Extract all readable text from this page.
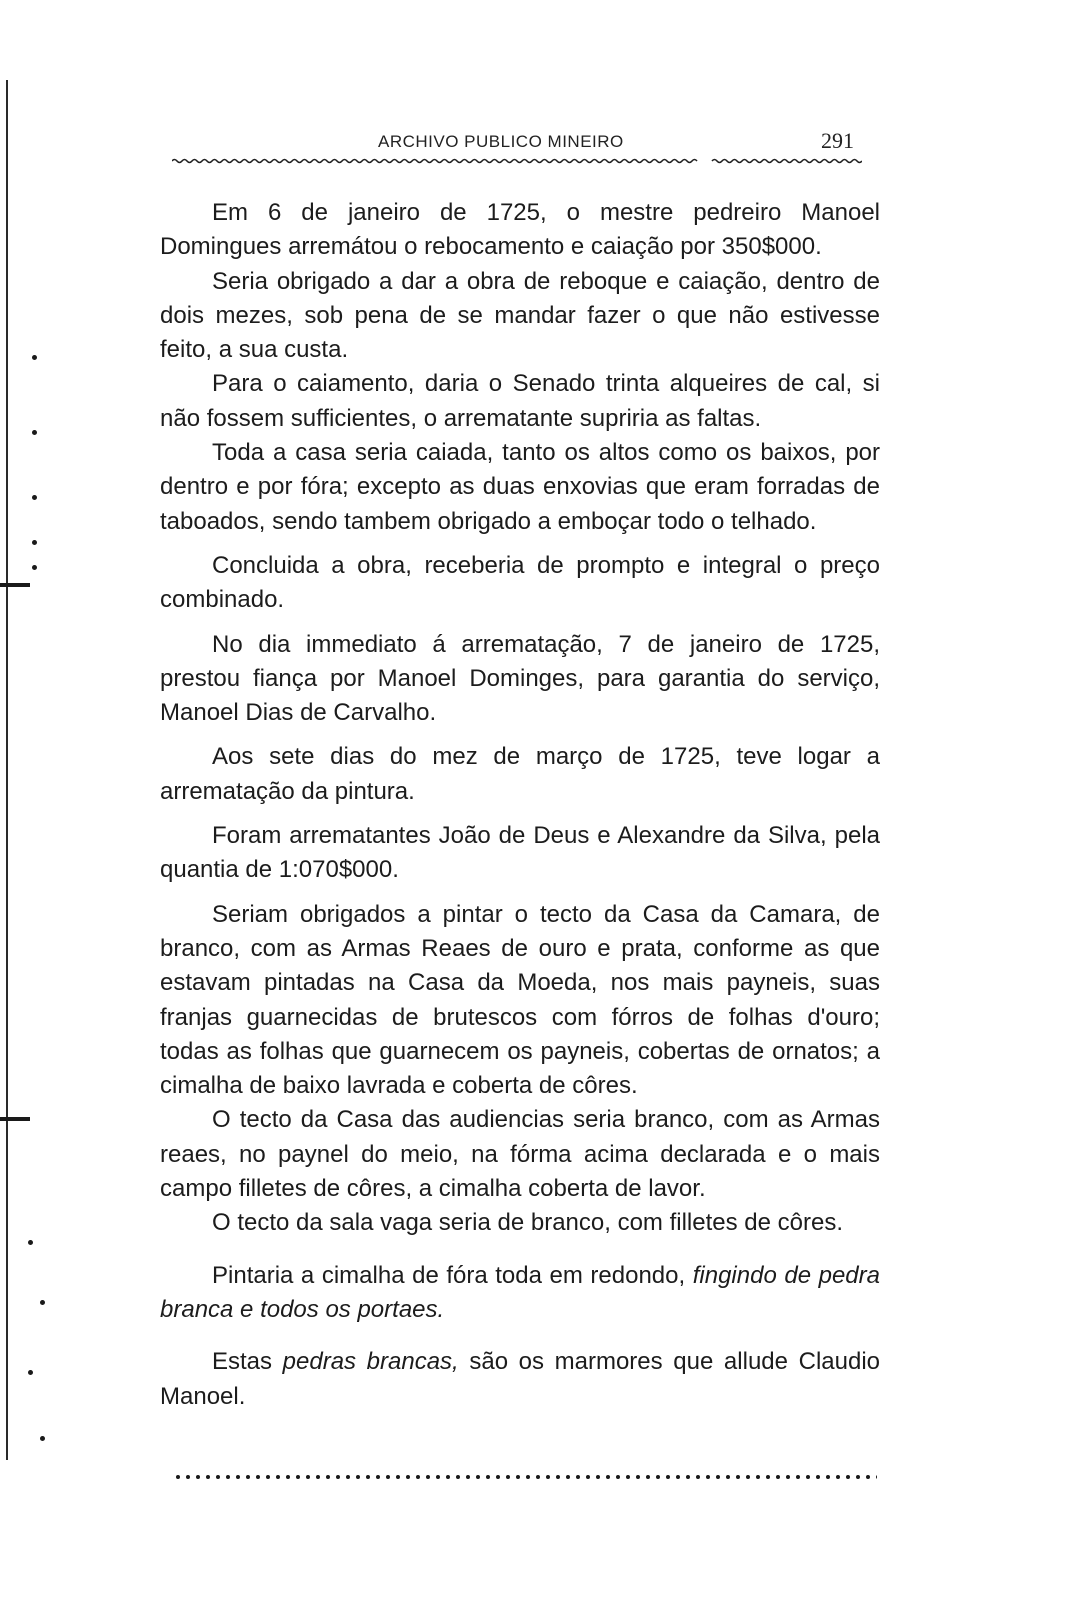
ARCHIVO PUBLICO MINEIRO	291

Em 6 de janeiro de 1725, o mestre pedreiro Manoel Domingues arremátou o rebocamento e caiação por 350$000.

Seria obrigado a dar a obra de reboque e caiação, dentro de dois mezes, sob pena de se mandar fazer o que não estivesse feito, a sua custa.

Para o caiamento, daria o Senado trinta alqueires de cal, si não fossem sufficientes, o arrematante supriria as faltas.

Toda a casa seria caiada, tanto os altos como os baixos, por dentro e por fóra; excepto as duas enxovias que eram forradas de taboados, sendo tambem obrigado a emboçar todo o telhado.

Concluida a obra, receberia de prompto e integral o preço combinado.

No dia immediato á arrematação, 7 de janeiro de 1725, prestou fiança por Manoel Dominges, para garantia do serviço, Manoel Dias de Carvalho.

Aos sete dias do mez de março de 1725, teve logar a arrematação da pintura.

Foram arrematantes João de Deus e Alexandre da Silva, pela quantia de 1:070$000.

Seriam obrigados a pintar o tecto da Casa da Camara, de branco, com as Armas Reaes de ouro e prata, conforme as que estavam pintadas na Casa da Moeda, nos mais payneis, suas franjas guarnecidas de brutescos com fórros de folhas d'ouro; todas as folhas que guarnecem os payneis, cobertas de ornatos; a cimalha de baixo lavrada e coberta de côres.

O tecto da Casa das audiencias seria branco, com as Armas reaes, no paynel do meio, na fórma acima declarada e o mais campo filletes de côres, a cimalha coberta de lavor.

O tecto da sala vaga seria de branco, com filletes de côres.

Pintaria a cimalha de fóra toda em redondo, fingindo de pedra branca e todos os portaes.

Estas pedras brancas, são os marmores que allude Claudio Manoel.
